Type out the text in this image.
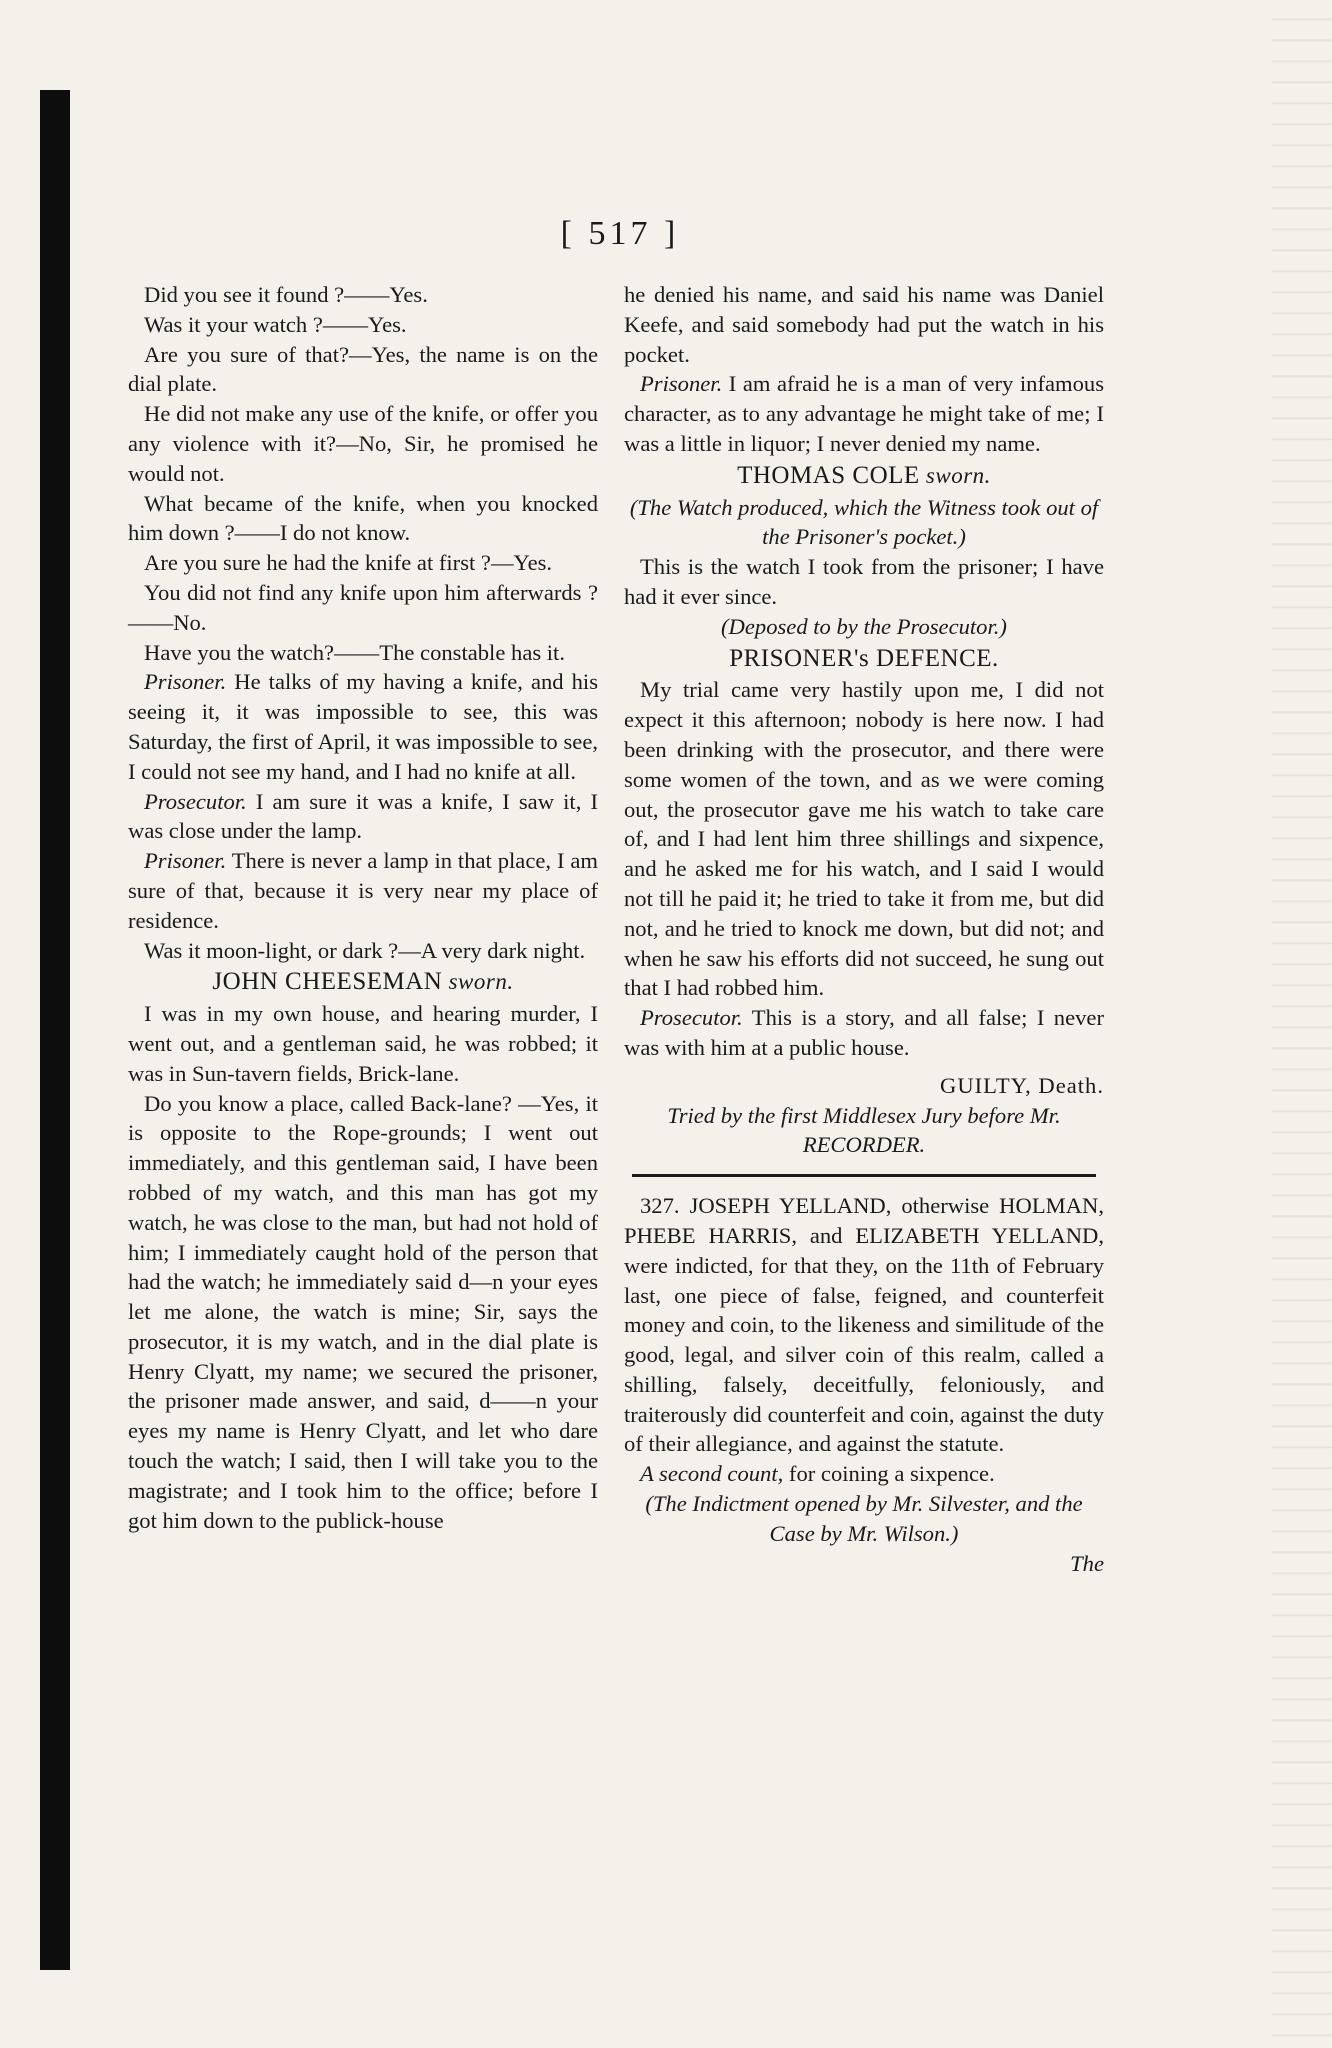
[ 517 ]

Did you see it found ?——Yes.

Was it your watch ?——Yes.

Are you sure of that?—Yes, the name is on the dial plate.

He did not make any use of the knife, or offer you any violence with it?—No, Sir, he promised he would not.

What became of the knife, when you knocked him down ?——I do not know.

Are you sure he had the knife at first ?—Yes.

You did not find any knife upon him afterwards ?——No.

Have you the watch?——The constable has it.

Prisoner. He talks of my having a knife, and his seeing it, it was impossible to see, this was Saturday, the first of April, it was impossible to see, I could not see my hand, and I had no knife at all.

Prosecutor. I am sure it was a knife, I saw it, I was close under the lamp.

Prisoner. There is never a lamp in that place, I am sure of that, because it is very near my place of residence.

Was it moon-light, or dark ?—A very dark night.

JOHN CHEESEMAN sworn.

I was in my own house, and hearing murder, I went out, and a gentleman said, he was robbed; it was in Sun-tavern fields, Brick-lane.

Do you know a place, called Back-lane? —Yes, it is opposite to the Rope-grounds; I went out immediately, and this gentleman said, I have been robbed of my watch, and this man has got my watch, he was close to the man, but had not hold of him; I immediately caught hold of the person that had the watch; he immediately said d—n your eyes let me alone, the watch is mine; Sir, says the prosecutor, it is my watch, and in the dial plate is Henry Clyatt, my name; we secured the prisoner, the prisoner made answer, and said, d——n your eyes my name is Henry Clyatt, and let who dare touch the watch; I said, then I will take you to the magistrate; and I took him to the office; before I got him down to the publick-house

he denied his name, and said his name was Daniel Keefe, and said somebody had put the watch in his pocket.

Prisoner. I am afraid he is a man of very infamous character, as to any advantage he might take of me; I was a little in liquor; I never denied my name.

THOMAS COLE sworn.

(The Watch produced, which the Witness took out of the Prisoner's pocket.)

This is the watch I took from the prisoner; I have had it ever since.

(Deposed to by the Prosecutor.)

PRISONER's DEFENCE.

My trial came very hastily upon me, I did not expect it this afternoon; nobody is here now. I had been drinking with the prosecutor, and there were some women of the town, and as we were coming out, the prosecutor gave me his watch to take care of, and I had lent him three shillings and sixpence, and he asked me for his watch, and I said I would not till he paid it; he tried to take it from me, but did not, and he tried to knock me down, but did not; and when he saw his efforts did not succeed, he sung out that I had robbed him.

Prosecutor. This is a story, and all false; I never was with him at a public house.

GUILTY, Death.

Tried by the first Middlesex Jury before Mr. RECORDER.

327. JOSEPH YELLAND, otherwise HOLMAN, PHEBE HARRIS, and ELIZABETH YELLAND, were indicted, for that they, on the 11th of February last, one piece of false, feigned, and counterfeit money and coin, to the likeness and similitude of the good, legal, and silver coin of this realm, called a shilling, falsely, deceitfully, feloniously, and traiterously did counterfeit and coin, against the duty of their allegiance, and against the statute.

A second count, for coining a sixpence.

(The Indictment opened by Mr. Silvester, and the Case by Mr. Wilson.)

The
